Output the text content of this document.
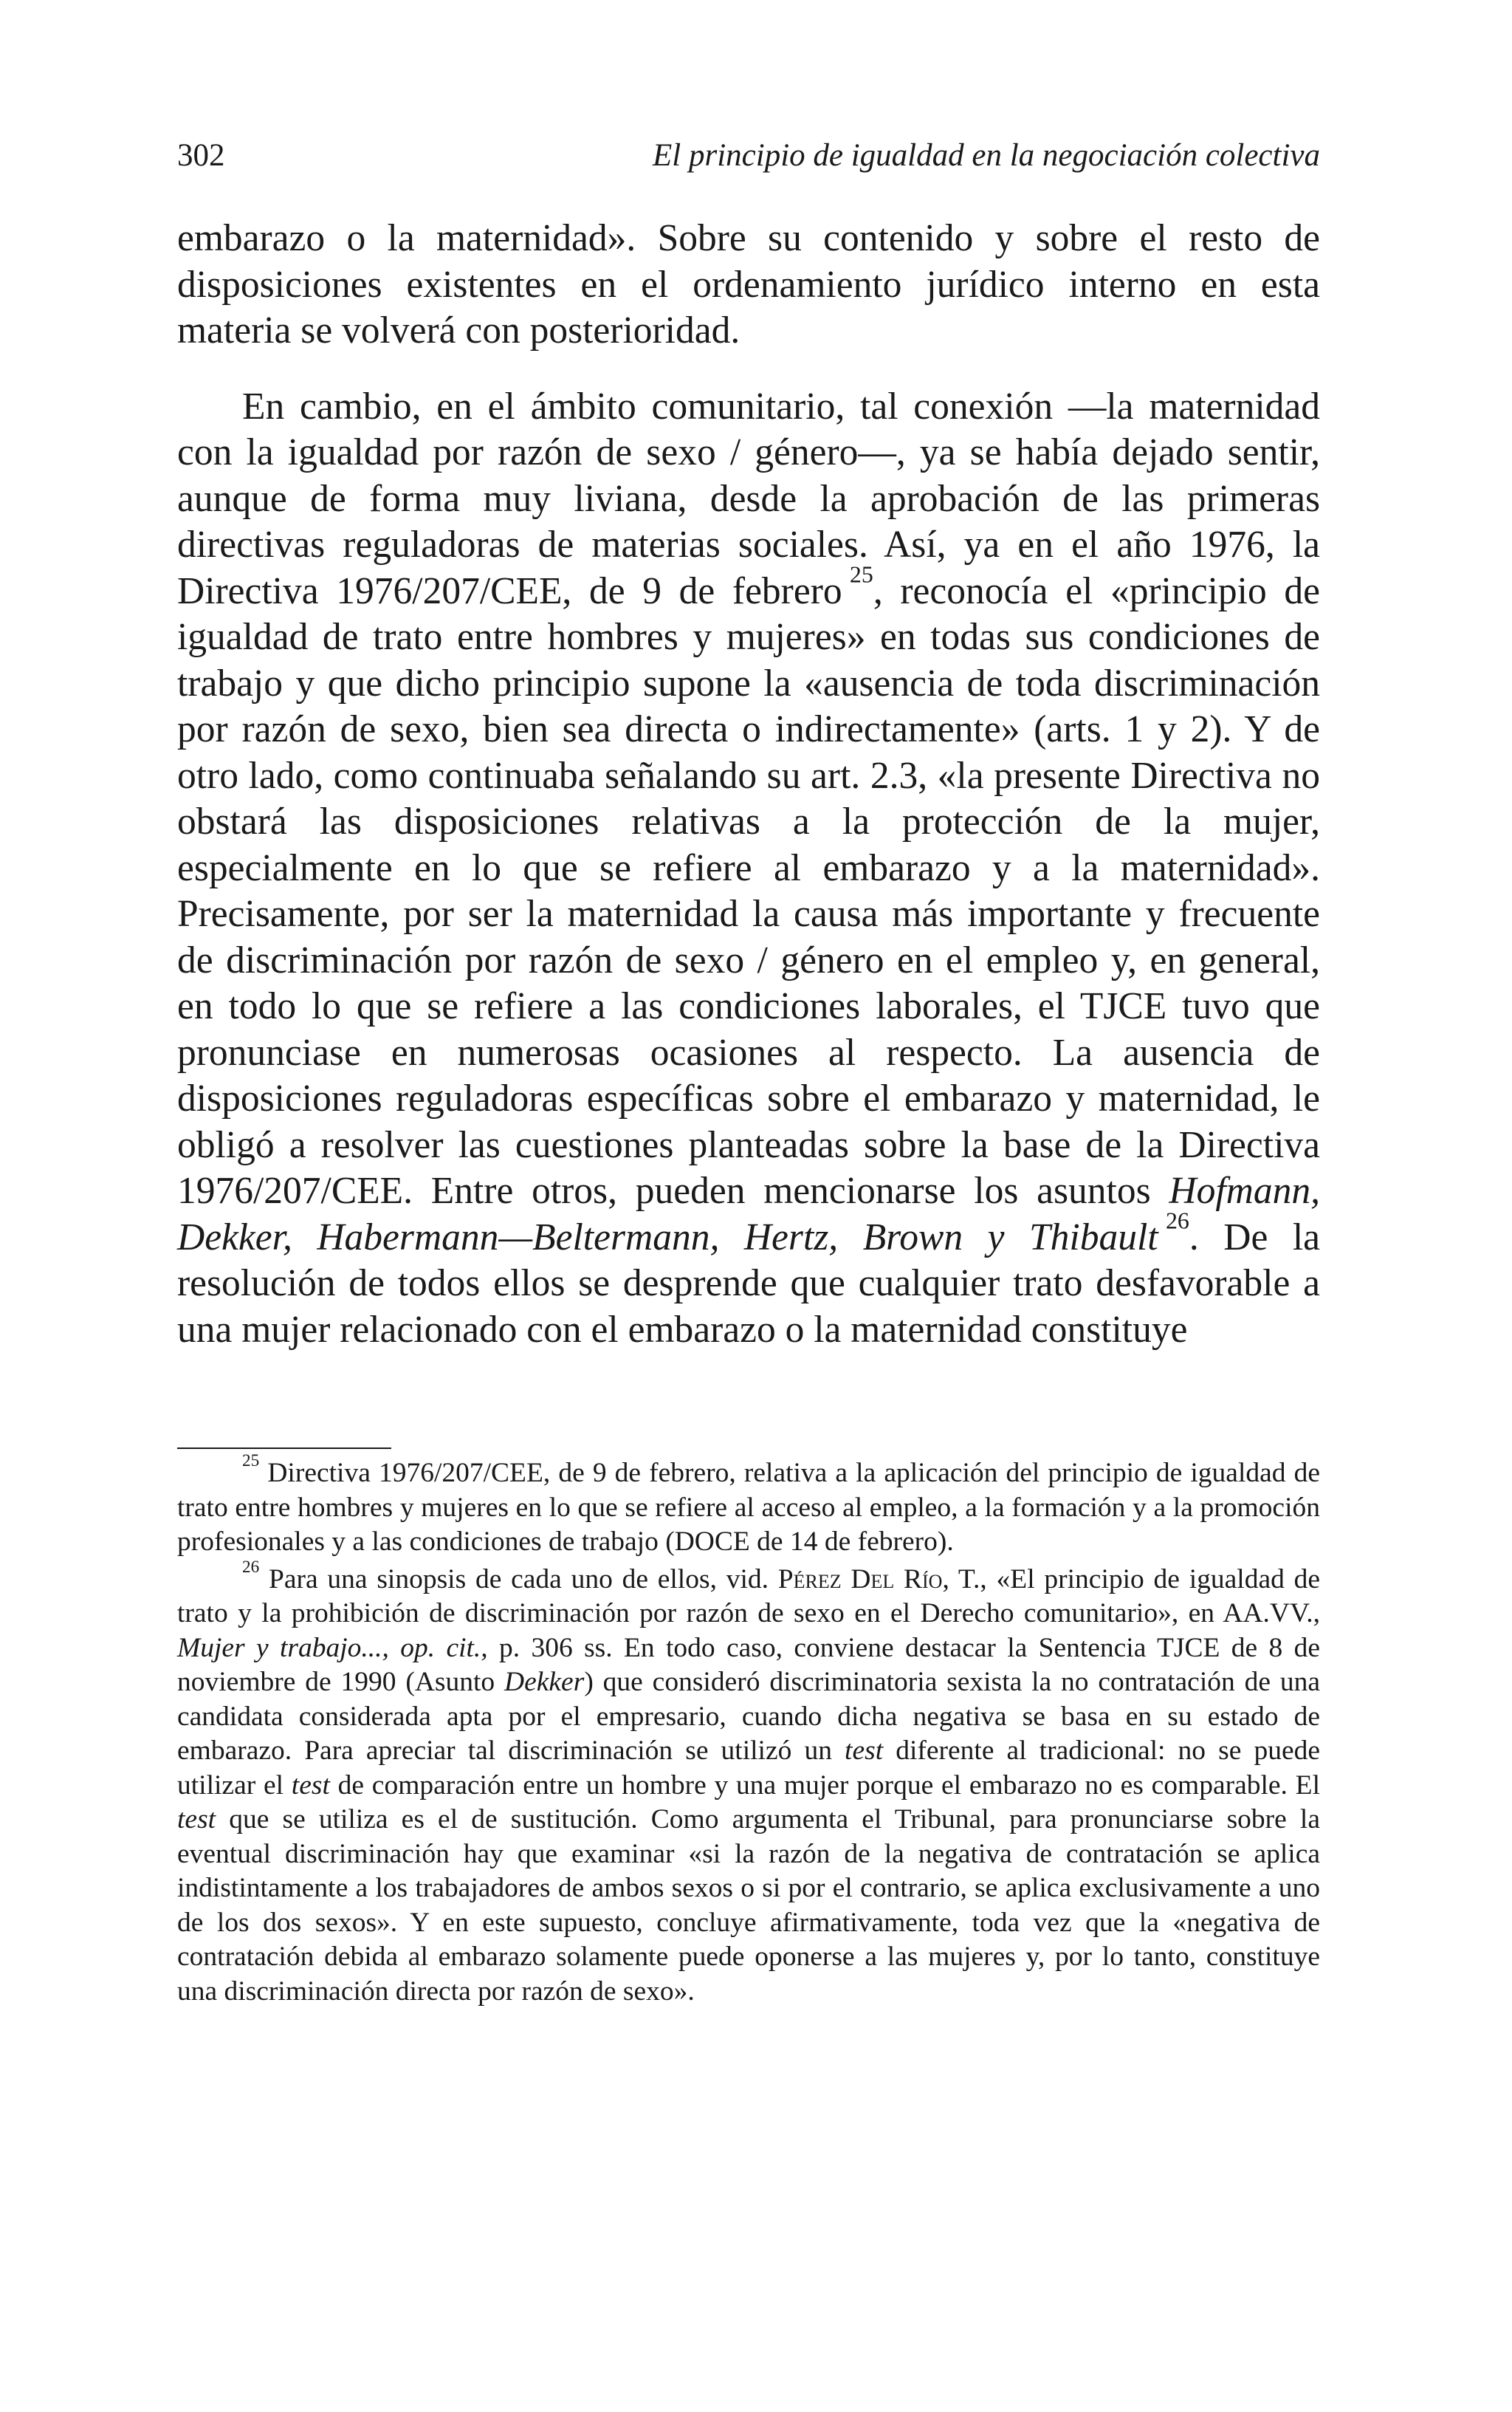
302	El principio de igualdad en la negociación colectiva

embarazo o la maternidad». Sobre su contenido y sobre el resto de disposiciones existentes en el ordenamiento jurídico interno en esta materia se volverá con posterioridad.

En cambio, en el ámbito comunitario, tal conexión —la maternidad con la igualdad por razón de sexo / género—, ya se había dejado sentir, aunque de forma muy liviana, desde la aprobación de las primeras directivas reguladoras de materias sociales. Así, ya en el año 1976, la Directiva 1976/207/CEE, de 9 de febrero  $^{25}$, reconocía el «principio de igualdad de trato entre hombres y mujeres» en todas sus condiciones de trabajo y que dicho principio supone la «ausencia de toda discriminación por razón de sexo, bien sea directa o indirectamente» (arts. 1 y 2). Y de otro lado, como continuaba señalando su art. 2.3, «la presente Directiva no obstará las disposiciones relativas a la protección de la mujer, especialmente en lo que se refiere al embarazo y a la maternidad». Precisamente, por ser la maternidad la causa más importante y frecuente de discriminación por razón de sexo / género en el empleo y, en general, en todo lo que se refiere a las condiciones laborales, el TJCE tuvo que pronunciase en numerosas ocasiones al respecto. La ausencia de disposiciones reguladoras específicas sobre el embarazo y maternidad, le obligó a resolver las cuestiones planteadas sobre la base de la Directiva 1976/207/CEE. Entre otros, pueden mencionarse los asuntos Hofmann, Dekker, Habermann—Beltermann, Hertz, Brown y Thibault  $^{26}$. De la resolución de todos ellos se desprende que cualquier trato desfavorable a una mujer relacionado con el embarazo o la maternidad constituye

$^{25}$ Directiva 1976/207/CEE, de 9 de febrero, relativa a la aplicación del principio de igualdad de trato entre hombres y mujeres en lo que se refiere al acceso al empleo, a la formación y a la promoción profesionales y a las condiciones de trabajo (DOCE de 14 de febrero).

$^{26}$ Para una sinopsis de cada uno de ellos, vid. Pérez Del Río, T., «El principio de igualdad de trato y la prohibición de discriminación por razón de sexo en el Derecho comunitario», en AA.VV., Mujer y trabajo..., op. cit., p. 306 ss. En todo caso, conviene destacar la Sentencia TJCE de 8 de noviembre de 1990 (Asunto Dekker) que consideró discriminatoria sexista la no contratación de una candidata considerada apta por el empresario, cuando dicha negativa se basa en su estado de embarazo. Para apreciar tal discriminación se utilizó un test diferente al tradicional: no se puede utilizar el test de comparación entre un hombre y una mujer porque el embarazo no es comparable. El test que se utiliza es el de sustitución. Como argumenta el Tribunal, para pronunciarse sobre la eventual discriminación hay que examinar «si la razón de la negativa de contratación se aplica indistintamente a los trabajadores de ambos sexos o si por el contrario, se aplica exclusivamente a uno de los dos sexos». Y en este supuesto, concluye afirmativamente, toda vez que la «negativa de contratación debida al embarazo solamente puede oponerse a las mujeres y, por lo tanto, constituye una discriminación directa por razón de sexo».
